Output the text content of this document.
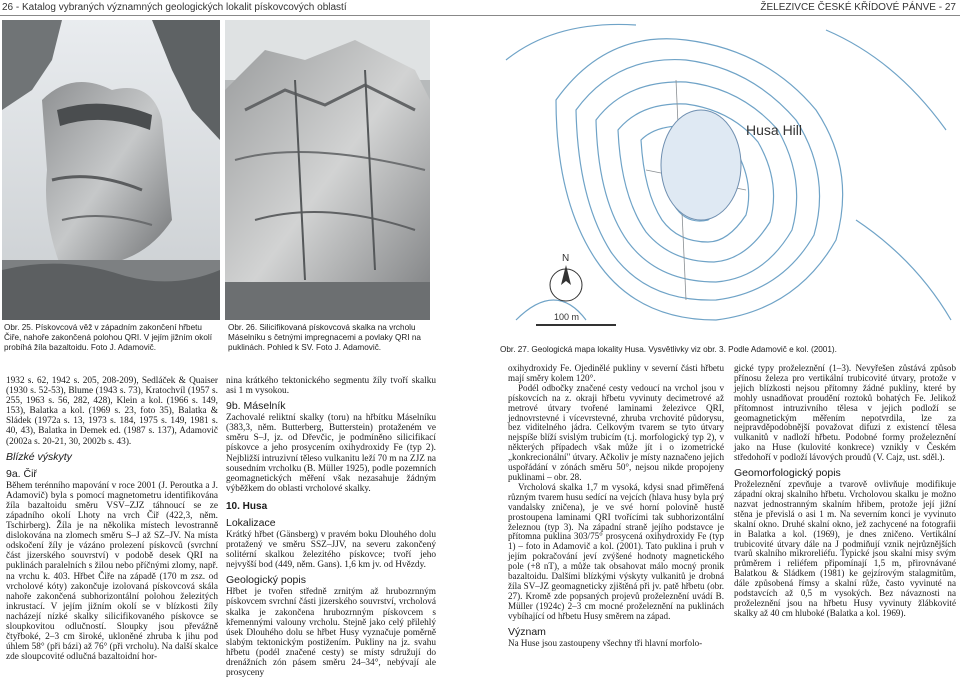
26 - Katalog vybraných významných geologických lokalit pískovcových oblastí	ŽELEZIVCE ČESKÉ KŘÍDOVÉ PÁNVE - 27
Obr. 25. Pískovcová věž v západním zakončení hřbetu Čiře, nahoře zakončená polohou QRI. V jejím jižním okolí probíhá žíla bazaltoidu. Foto J. Adamovič.
Obr. 26. Silicifikovaná pískovcová skalka na vrcholu Máselníku s četnými impregnacemi a povlaky QRI na puklinách. Pohled k SV. Foto J. Adamovič.
Husa Hill
N
100 m
Obr. 27. Geologická mapa lokality Husa. Vysvětlivky viz obr. 3. Podle Adamovič e kol. (2001).

1932 s. 62, 1942 s. 205, 208-209), Sedláček & Quaiser (1930 s. 52-53), Blume (1943 s. 73), Kratochvíl (1957 s. 255, 1963 s. 56, 282, 428), Klein a kol. (1966 s. 149, 153), Balatka a kol. (1969 s. 23, foto 35), Balatka & Sládek (1972a s. 13, 1973 s. 184, 1975 s. 149, 1981 s. 40, 43), Balatka in Demek ed. (1987 s. 137), Adamovič (2002a s. 20-21, 30, 2002b s. 43).

Blízké výskyty
9a. Čiř

Během terénního mapování v roce 2001 (J. Peroutka a J. Adamovič) byla s pomocí magnetometru identifikována žíla bazaltoidu směru VSV–ZJZ táhnoucí se ze západního okolí Lhoty na vrch Čiř (422,3, něm. Tschirberg). Žíla je na několika místech levostranně dislokována na zlomech směru S–J až SZ–JV. Na místa odskočení žíly je vázáno prolezení pískovců (svrchní část jizerského souvrství) v podobě desek QRI na puklinách paralelních s žilou nebo příčnými zlomy, např. na vrchu k. 403. Hřbet Čiře na západě (170 m zsz. od vrcholové kóty) zakončuje izolovaná pískovcová skála nahoře zakončená subhorizontální polohou železitých inkrustací. V jejím jižním okolí se v blízkosti žíly nacházejí nízké skalky silicifikovaného pískovce se sloupkovitou odlučností. Sloupky jsou převážně čtyřboké, 2–3 cm široké, ukloněné zhruba k jihu pod úhlem 58° (při bázi) až 76° (při vrcholu). Na další skalce zde sloupcovité odlučná bazaltoidní hor-

nina krátkého tektonického segmentu žíly tvoří skalku asi 1 m vysokou.

9b. Máselník

Zachovalé reliktní skalky (toru) na hřbítku Máselníku (383,3, něm. Butterberg, Butterstein) protaženém ve směru S–J, jz. od Dřevčic, je podmíněno silicifikací pískovce a jeho prosycením oxihydroxidy Fe (typ 2). Nejbližší intruzivní těleso vulkanitu leží 70 m na ZJZ na sousedním vrcholku (B. Müller 1925), podle pozemních geomagnetických měření však nezasahuje žádným výběžkem do oblasti vrcholové skalky.

10. Husa
Lokalizace

Krátký hřbet (Gänsberg) v pravém boku Dlouhého dolu protažený ve směru SSZ–JJV, na severu zakončený solitérní skalkou železitého pískovce; tvoří jeho nejvyšší bod (449, něm. Gans). 1,6 km jv. od Hvězdy.

Geologický popis

Hřbet je tvořen středně zrnitým až hrubozrnným pískovcem svrchní části jizerského souvrství, vrcholová skalka je zakončena hrubozrnným pískovcem s křemennými valouny vrcholu. Stejně jako celý přilehlý úsek Dlouhého dolu se hřbet Husy vyznačuje poměrně slabým tektonickým postižením. Pukliny na jz. svahu hřbetu (podél značené cesty) se místy sdružují do drenážních zón pásem směru 24–34°, nebývají ale prosyceny

oxihydroxidy Fe. Ojedinělé pukliny v severní části hřbetu mají směry kolem 120°.

Podél odbočky značené cesty vedoucí na vrchol jsou v pískovcích na z. okraji hřbetu vyvinuty decimetrové až metrové útvary tvořené laminami železivce QRI, jednovrstevné i vícevrstevné, zhruba vrchovité půdorysu, bez viditelného jádra. Celkovým tvarem se tyto útvary nejspíše blíží svislým trubicím (t.j. morfologický typ 2), v některých případech však může jít i o izometrické „konkrecionální" útvary. Ačkoliv je místy naznačeno jejich uspořádání v zónách směru 50°, nejsou nikde propojeny puklinami – obr. 28.

Vrcholová skalka 1,7 m vysoká, kdysi snad přiměřená různým tvarem husu sedící na vejcích (hlava husy byla prý vandalsky zničena), je ve své horní polovině hustě prostoupena laminami QRI tvořícími tak subhorizontální železnou (typ 3). Na západní straně jejího podstavce je přítomna puklina 303/75° prosycená oxihydroxidy Fe (typ 1) – foto in Adamovič a kol. (2001). Tato puklina i pruh v jejím pokračování jeví zvýšené hodnoty magnetického pole (+8 nT), a může tak obsahovat málo mocný pronik bazaltoidu. Dalšími blízkými výskyty vulkanitů je drobná žíla SV–JZ geomagneticky zjištěná při jv. patě hřbetu (obr. 27). Kromě zde popsaných projevů proželeznění uvádí B. Müller (1924c) 2–3 cm mocné proželeznění na puklinách vybíhající od hřbetu Husy směrem na západ.

Význam

Na Huse jsou zastoupeny všechny tři hlavní morfolo-

gické typy proželeznění (1–3). Nevyřešen zůstává způsob přínosu železa pro vertikální trubicovité útvary, protože v jejich blízkosti nejsou přítomny žádné pukliny, které by mohly usnadňovat proudění roztoků bohatých Fe. Jelikož přítomnost intruzivního tělesa v jejich podloží se geomagnetickým měřením nepotvrdila, lze za nejpravděpodobnější považovat difuzi z existencí tělesa vulkanitů v nadloží hřbetu. Podobné formy proželeznění jako na Huse (kulovité konkrece) vznikly v Českém středohoří v podloží lávových proudů (V. Cajz, ust. sděl.).

Geomorfologický popis

Proželeznění zpevňuje a tvarově ovlivňuje modifikuje západní okraj skalního hřbetu. Vrcholovou skalku je možno nazvat jednostranným skalním hřibem, protože její jižní stěna je převislá o asi 1 m. Na severním konci je vyvinuto skalní okno. Druhé skalní okno, jež zachycené na fotografii in Balatka a kol. (1969), je dnes zničeno. Vertikální trubicovité útvary dále na J podmiňují vznik nejrůznějších tvarů skalního mikroreliéfu. Typické jsou skalní misy svým průměrem i reliéfem připomínají 1,5 m, přirovnávané Balatkou & Sládkem (1981) ke gejzírovým stalagmitům, dále způsobená římsy a skalní růže, často vyvinuté na podstavcích až 0,5 m vysokých. Bez návaznosti na proželeznění jsou na hřbetu Husy vyvinuty žlábkovité skalky až 40 cm hluboké (Balatka a kol. 1969).
